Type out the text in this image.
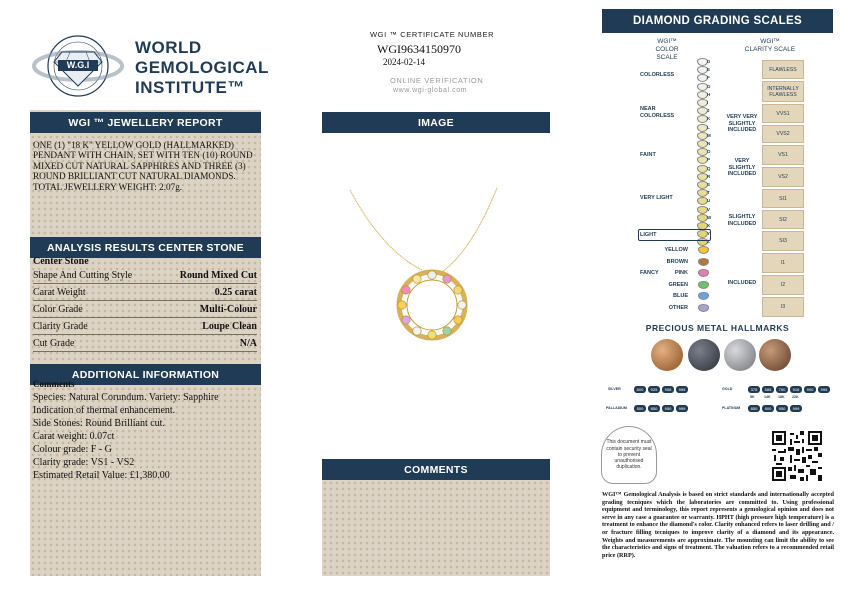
W.G.I
WORLD
GEMOLOGICAL
INSTITUTE™
WGI ™ JEWELLERY REPORT
ONE (1) "18 K" YELLOW GOLD (HALLMARKED) PENDANT WITH CHAIN, SET WITH TEN (10) ROUND MIXED CUT NATURAL SAPPHIRES AND THREE (3) ROUND BRILLIANT CUT NATURAL DIAMONDS. TOTAL JEWELLERY WEIGHT: 2.07g.
ANALYSIS RESULTS CENTER STONE
Center Stone
Shape And Cutting Style	Round Mixed Cut
Carat Weight	0.25 carat
Color Grade	Multi-Colour
Clarity Grade	Loupe Clean
Cut Grade	N/A
ADDITIONAL INFORMATION
Comments
Species: Natural Corundum. Variety: Sapphire
Indication of thermal enhancement.
Side Stones: Round Brilliant cut.
Carat weight: 0.07ct
Colour grade: F - G
Clarity grade: VS1 - VS2
Estimated Retail Value: £1,380.00
WGI ™ CERTIFICATE NUMBER
WGI9634150970
2024-02-14
ONLINE VERIFICATION
www.wgi-global.com
IMAGE
COMMENTS
DIAMOND GRADING SCALES
WGI™
COLOR SCALE
WGI™
CLARITY SCALE
D
E
F
G
H
I
J
K
L
M
N
O
P
Q
R
S
T
U
V
W
X
Y
Z
COLORLESS
NEAR COLORLESS
FAINT
VERY LIGHT
LIGHT
FANCY
YELLOW
BROWN
PINK
GREEN
BLUE
OTHER
FLAWLESS
INTERNALLY FLAWLESS
VVS1
VVS2
VS1
VS2
SI1
SI2
SI3
I1
I2
I3
VERY VERY SLIGHTLY INCLUDED
VERY SLIGHTLY INCLUDED
SLIGHTLY INCLUDED
INCLUDED
PRECIOUS METAL HALLMARKS
SILVER	800	925	958	999	GOLD	375	585	750	916	990	999
9K	14K 18K 22K
PALLADIUM	500	850	950	999	PLATINUM	850	900	950	999
This document must contain security seal to prevent unauthorised duplication.
WGI™ Gemological Analysis is based on strict standards and internationally accepted grading tecniques which the laboratories are committed to. Using professional equipment and terminology, this report represents a gemological opinion and does not serve in any case a guarantee or warranty. HPHT (high pressure high temperature) is a treatment to enhance the diamond's color. Clarity enhanced refers to laser drilling and / or fracture filling tecniques to improve clarity of a diamond and its appearance. Weights and measurements are approximate. The mounting can limit the ability to see the characteristics and signs of treatment. The valuation refers to a recommended retail price (RRP).
